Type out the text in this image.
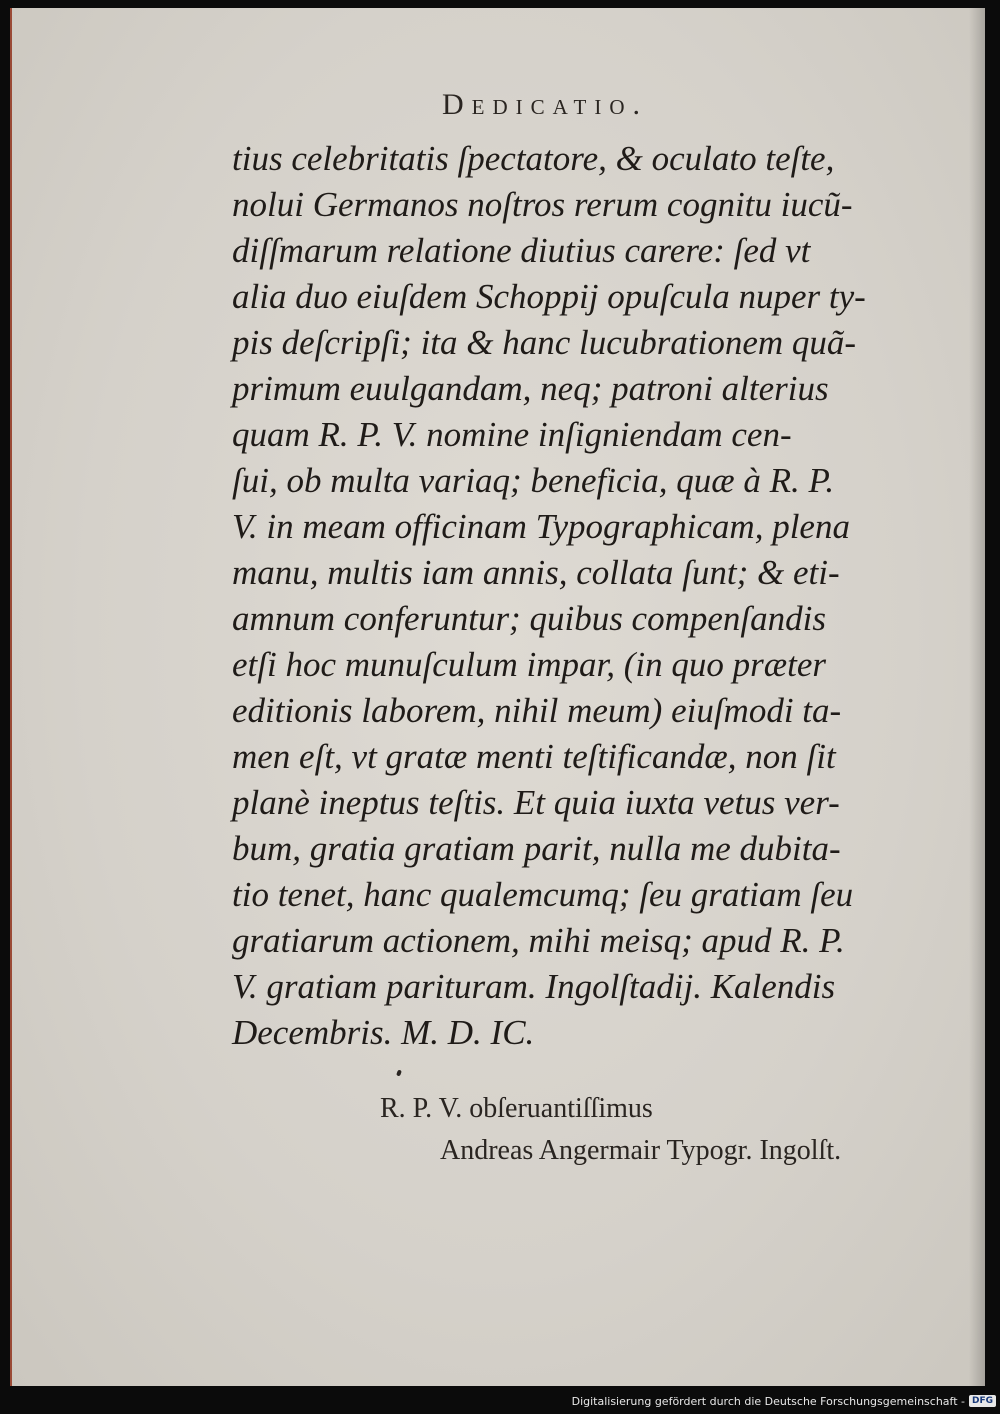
Dedicatio.
tius celebritatis ſpectatore, & oculato teſte,
nolui Germanos noſtros rerum cognitu iucũ-
diſſmarum relatione diutius carere: ſed vt
alia duo eiuſdem Schoppij opuſcula nuper ty-
pis deſcripſi; ita & hanc lucubrationem quã-
primum euulgandam, neq; patroni alterius
quam R. P. V. nomine inſigniendam cen-
ſui, ob multa variaq; beneficia, quæ à R. P.
V. in meam officinam Typographicam, plena
manu, multis iam annis, collata ſunt; & eti-
amnum conferuntur; quibus compenſandis
etſi hoc munuſculum impar, (in quo præter
editionis laborem, nihil meum) eiuſmodi ta-
men eſt, vt gratæ menti teſtificandæ, non ſit
planè ineptus teſtis. Et quia iuxta vetus ver-
bum, gratia gratiam parit, nulla me dubita-
tio tenet, hanc qualemcumq; ſeu gratiam ſeu
gratiarum actionem, mihi meisq; apud R. P.
V. gratiam parituram. Ingolſtadij. Kalendis
Decembris. M. D. IC.
R. P. V. obſeruantiſſimus
Andreas Angermair Typogr. Ingolſt.
Digitalisierung gefördert durch die Deutsche Forschungsgemeinschaft - DFG
